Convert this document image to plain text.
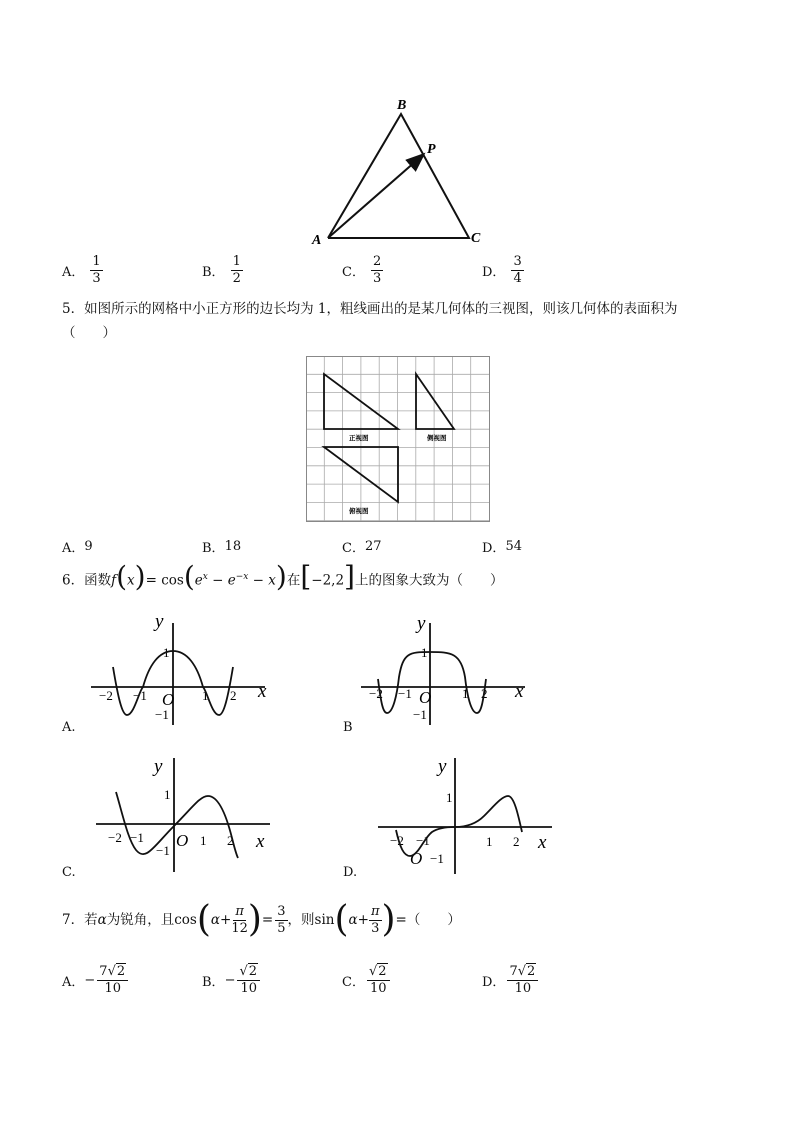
B
P
A	C
A． $\frac{1}{3}$	B． $\frac{1}{2}$	C． $\frac{2}{3}$	D． $\frac{3}{4}$
5．如图所示的网格中小正方形的边长均为 1，粗线画出的是某几何体的三视图，则该几何体的表面积为
（　　）
正视图	侧视图
俯视图
A． 9	B． 18	C． 27	D． 54
6．函数$f(x)= \cos(e^x - e^{-x} - x)$在[−2,2]上的图象大致为（　　）
y
x
O
1
−1
−2 −1	1 2
A.
y
x
O
1
−1
−2 −1	1 2
B
y
x
O
1
−1
−2 −1	1 2
C.
y
x
O
1
−1
−2 −1	1 2
D.
7．若 α 为锐角，且 cos ( $\alpha + \frac{\pi}{12}$ ) = $\frac{3}{5}$ ，则 sin ( $\alpha + \frac{\pi}{3}$ ) =（　　）
A． − $\frac{7√2}{10}$	B． − $\frac{√2}{10}$	C． $\frac{√2}{10}$	D． $\frac{7√2}{10}$
